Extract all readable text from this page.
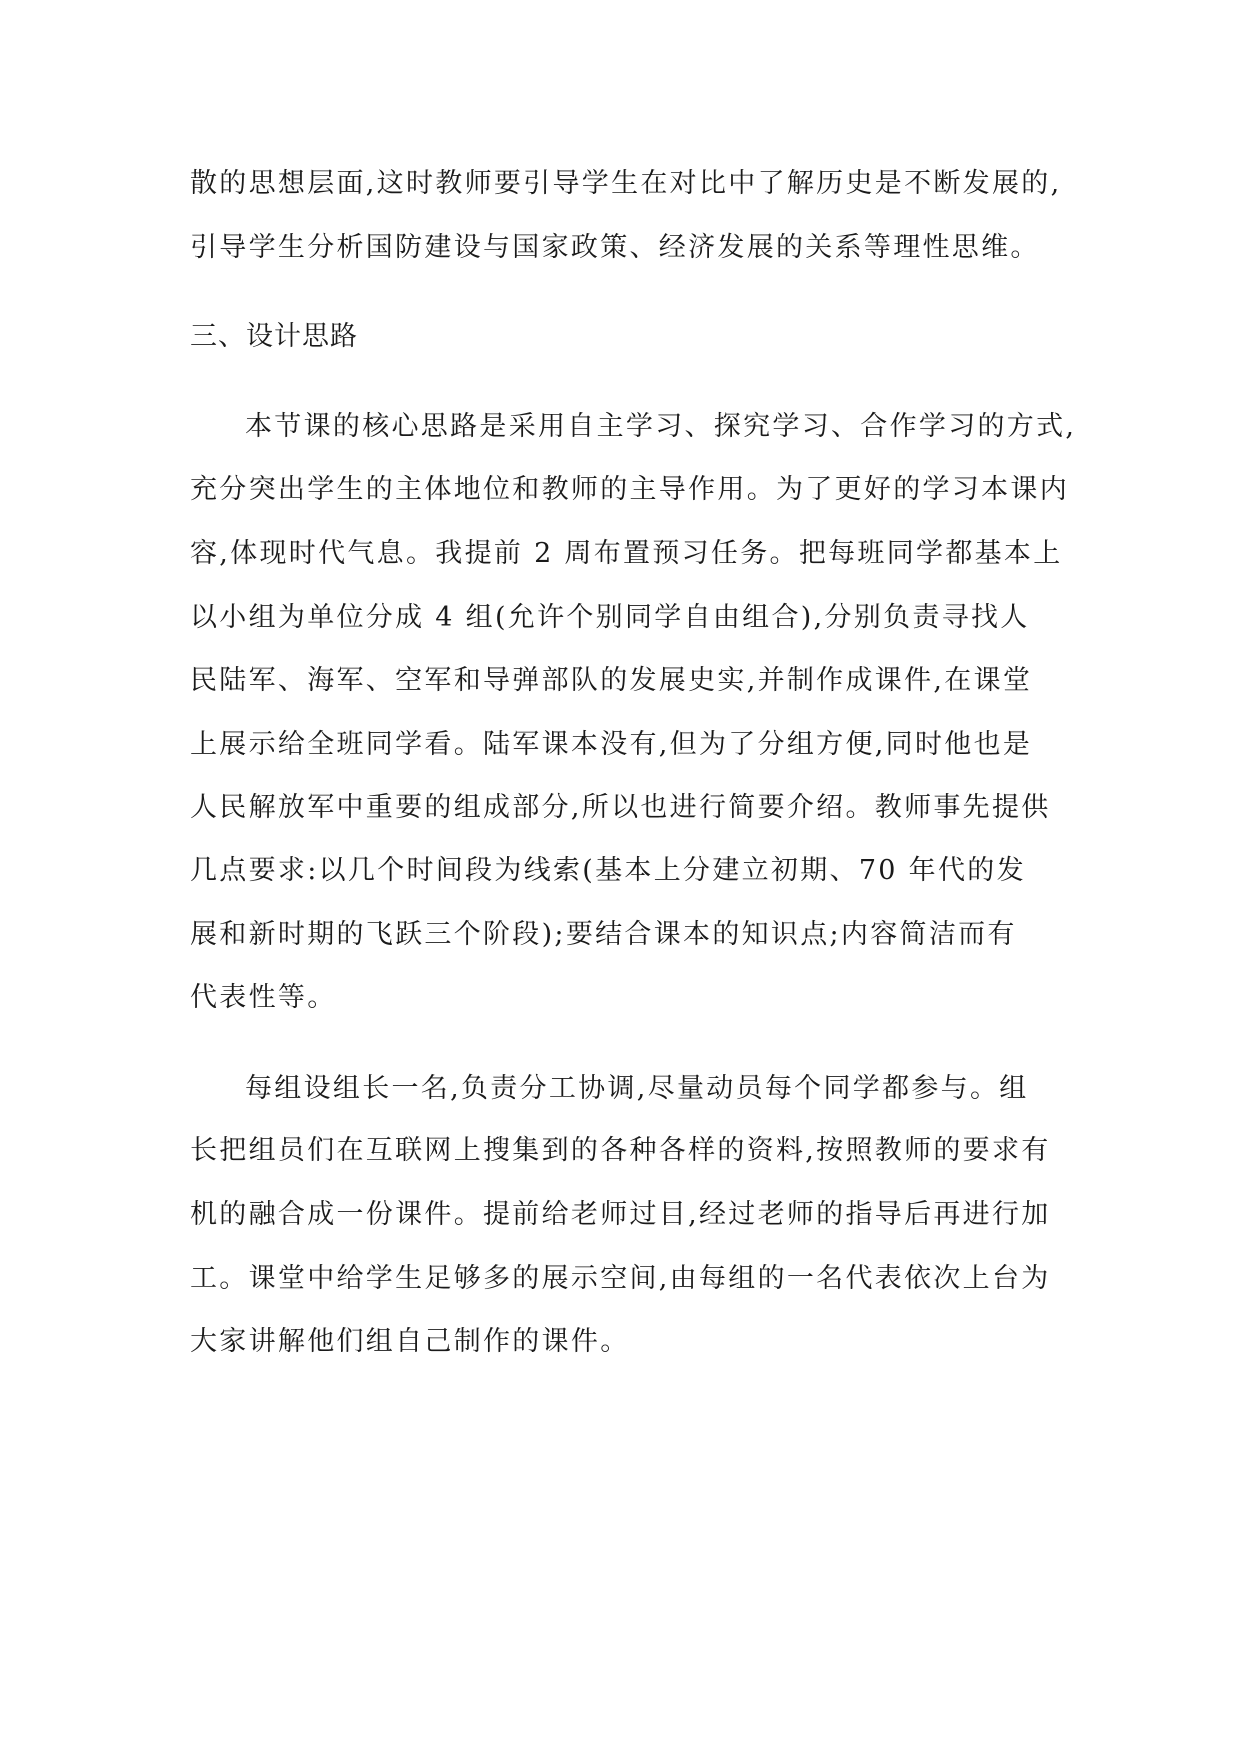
散的思想层面,这时教师要引导学生在对比中了解历史是不断发展的,
引导学生分析国防建设与国家政策、经济发展的关系等理性思维。
三、设计思路
本节课的核心思路是采用自主学习、探究学习、合作学习的方式,
充分突出学生的主体地位和教师的主导作用。为了更好的学习本课内
容,体现时代气息。我提前 2 周布置预习任务。把每班同学都基本上
以小组为单位分成 4 组(允许个别同学自由组合),分别负责寻找人
民陆军、海军、空军和导弹部队的发展史实,并制作成课件,在课堂
上展示给全班同学看。陆军课本没有,但为了分组方便,同时他也是
人民解放军中重要的组成部分,所以也进行简要介绍。教师事先提供
几点要求:以几个时间段为线索(基本上分建立初期、70 年代的发
展和新时期的飞跃三个阶段);要结合课本的知识点;内容简洁而有
代表性等。
每组设组长一名,负责分工协调,尽量动员每个同学都参与。组
长把组员们在互联网上搜集到的各种各样的资料,按照教师的要求有
机的融合成一份课件。提前给老师过目,经过老师的指导后再进行加
工。课堂中给学生足够多的展示空间,由每组的一名代表依次上台为
大家讲解他们组自己制作的课件。
